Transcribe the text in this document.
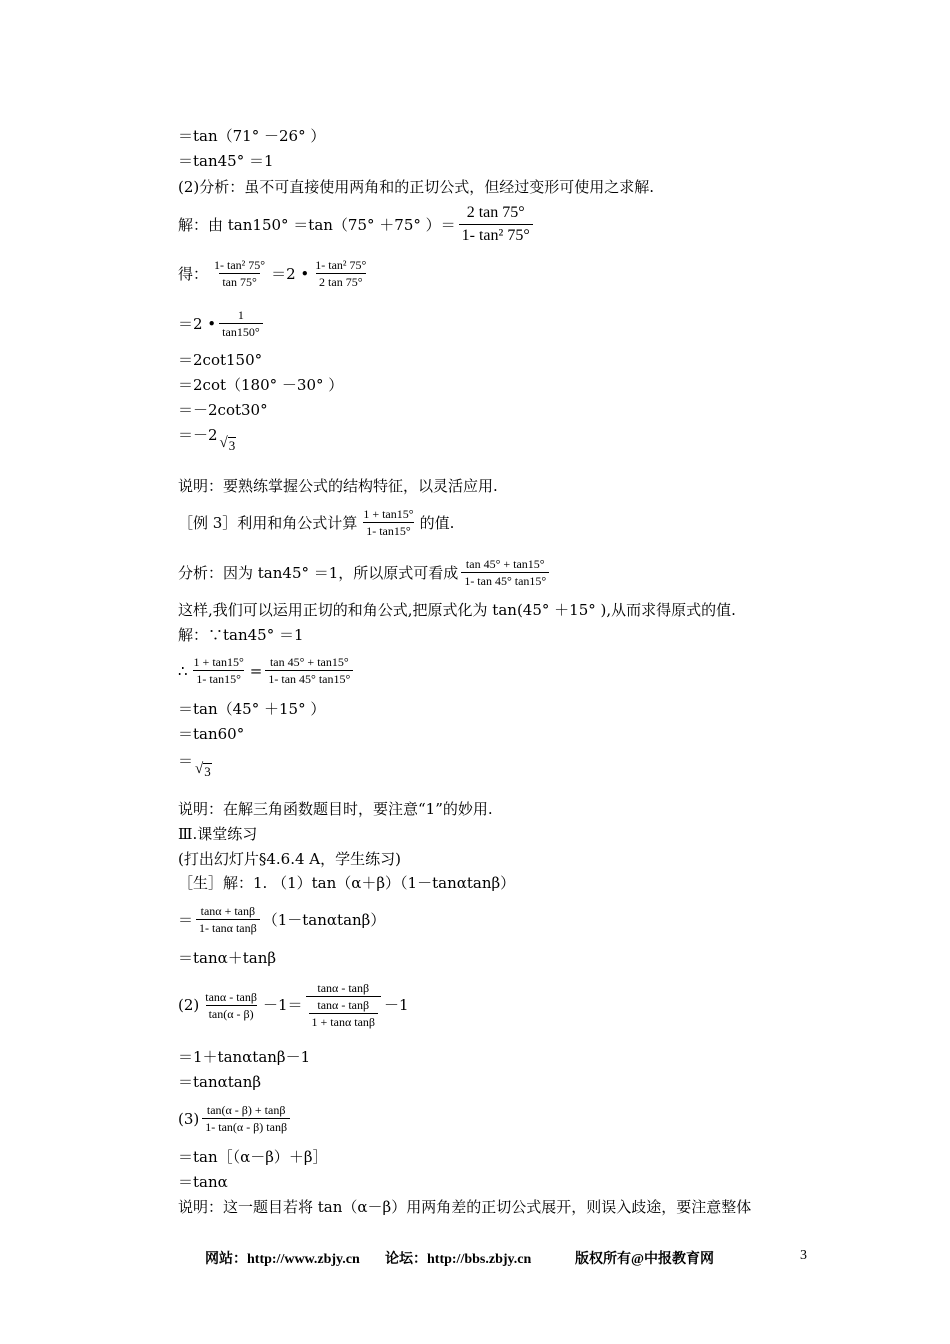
＝tan（71° －26° ）
＝tan45° ＝1
(2)分析：虽不可直接使用两角和的正切公式，但经过变形可使用之求解.
解：由 tan150° ＝tan（75° ＋75° ）＝ $\frac{2 \tan 75^\circ}{\text{1- tan² 75°}}$
得： $\frac{\text{1- tan² 75°}}{\tan 75^\circ} =2$ • $\frac{\text{1- tan² 75°}}{2 \tan 75^\circ}$
＝2 • $\frac{1}{\tan 150^\circ}$
＝2cot150°
＝2cot（180° －30° ）
＝－2cot30°
＝－2 √ 3
说明：要熟练掌握公式的结构特征，以灵活应用.
［例 3］利用和角公式计算 $\frac{1 + \tan 15^\circ}{1- \tan 15^\circ}$ 的值.
分析：因为 tan45° ＝1，所以原式可看成 $\frac{\tan 45^\circ + \tan 15^\circ}{1- \tan 45^\circ \tan 15^\circ}$
这样,我们可以运用正切的和角公式,把原式化为 tan(45° ＋15° ),从而求得原式的值.
解：∵tan45° ＝1
∴ $\frac{1 + \tan 15^\circ}{1- \tan 15^\circ} = \frac{\tan 45^\circ + \tan 15^\circ}{1- \tan 45^\circ \tan 15^\circ}$
＝tan（45° ＋15° ）
＝tan60°
＝ √ 3
说明：在解三角函数题目时，要注意“1”的妙用.
Ⅲ.课堂练习
(打出幻灯片§4.6.4 A，学生练习)
［生］解：1. （1）tan（α＋β）（1－tanαtanβ）
＝ $\frac{\tan\alpha + \tan\beta}{\text{1- tanα tanβ}} (1-\tan\alpha\tan\beta)$
＝tanα＋tanβ
$(2) \frac{\tan\alpha - \tan\beta}{\tan(\alpha - \beta)} -1= \frac{\tan\alpha - \tan\beta}{\frac{\tan\alpha - \tan\beta}{\text{1 + tanα tanβ}}} -1$
＝1＋tanαtanβ－1
＝tanαtanβ
$(3) \frac{\tan(\alpha - \beta) + \tan\beta}{1- \tan(\alpha - \beta) \tan\beta}$
＝tan［（α－β）＋β］
＝tanα
说明：这一题目若将 tan（α－β）用两角差的正切公式展开，则误入歧途，要注意整体
网站：http://www.zbjy.cn 论坛：http://bbs.zbjy.cn	版权所有@中报教育网	3
